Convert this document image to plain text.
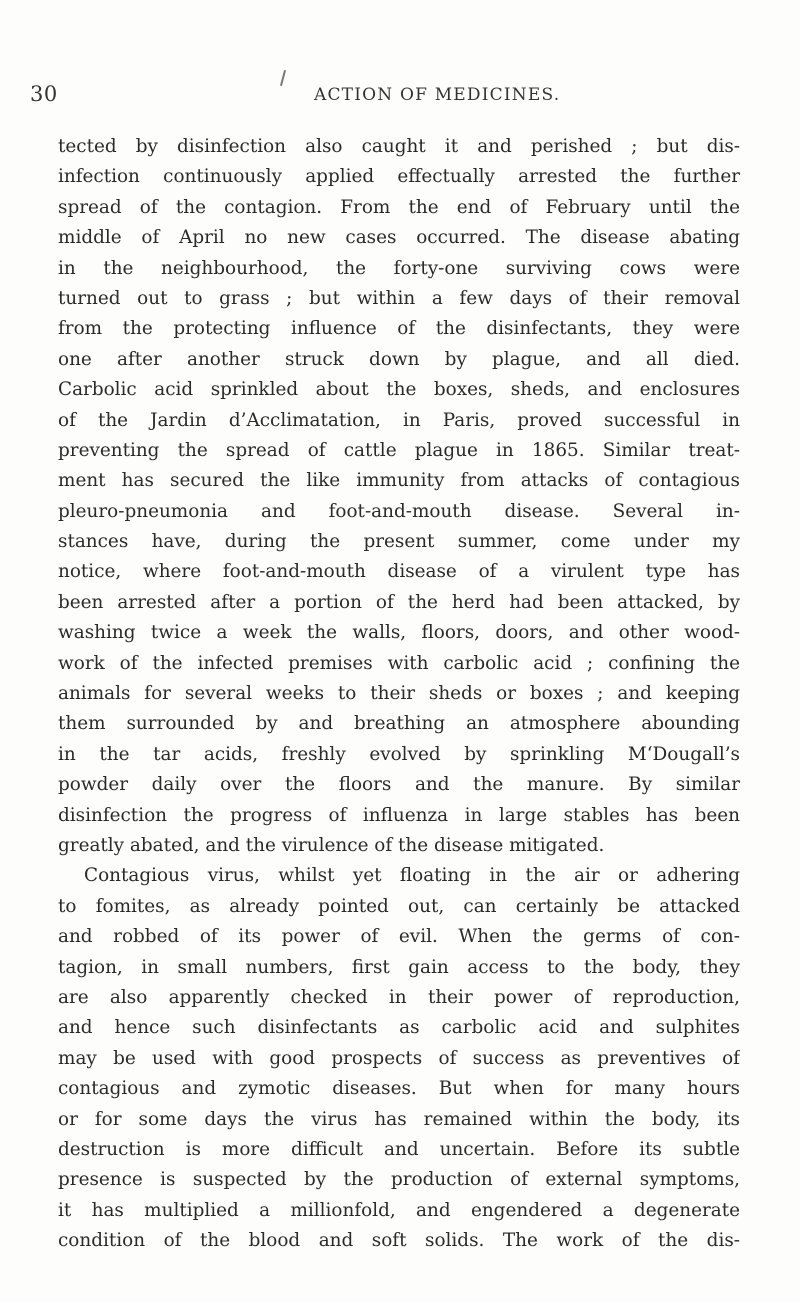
30	ACTION OF MEDICINES.
tected by disinfection also caught it and perished ; but dis-
infection continuously applied effectually arrested the further
spread of the contagion. From the end of February until the
middle of April no new cases occurred. The disease abating
in the neighbourhood, the forty-one surviving cows were
turned out to grass ; but within a few days of their removal
from the protecting influence of the disinfectants, they were
one after another struck down by plague, and all died.
Carbolic acid sprinkled about the boxes, sheds, and enclosures
of the Jardin d’Acclimatation, in Paris, proved successful in
preventing the spread of cattle plague in 1865. Similar treat-
ment has secured the like immunity from attacks of contagious
pleuro-pneumonia and foot-and-mouth disease. Several in-
stances have, during the present summer, come under my
notice, where foot-and-mouth disease of a virulent type has
been arrested after a portion of the herd had been attacked, by
washing twice a week the walls, floors, doors, and other wood-
work of the infected premises with carbolic acid ; confining the
animals for several weeks to their sheds or boxes ; and keeping
them surrounded by and breathing an atmosphere abounding
in the tar acids, freshly evolved by sprinkling M‘Dougall’s
powder daily over the floors and the manure. By similar
disinfection the progress of influenza in large stables has been
greatly abated, and the virulence of the disease mitigated.
Contagious virus, whilst yet floating in the air or adhering
to fomites, as already pointed out, can certainly be attacked
and robbed of its power of evil. When the germs of con-
tagion, in small numbers, first gain access to the body, they
are also apparently checked in their power of reproduction,
and hence such disinfectants as carbolic acid and sulphites
may be used with good prospects of success as preventives of
contagious and zymotic diseases. But when for many hours
or for some days the virus has remained within the body, its
destruction is more difficult and uncertain. Before its subtle
presence is suspected by the production of external symptoms,
it has multiplied a millionfold, and engendered a degenerate
condition of the blood and soft solids. The work of the dis-
